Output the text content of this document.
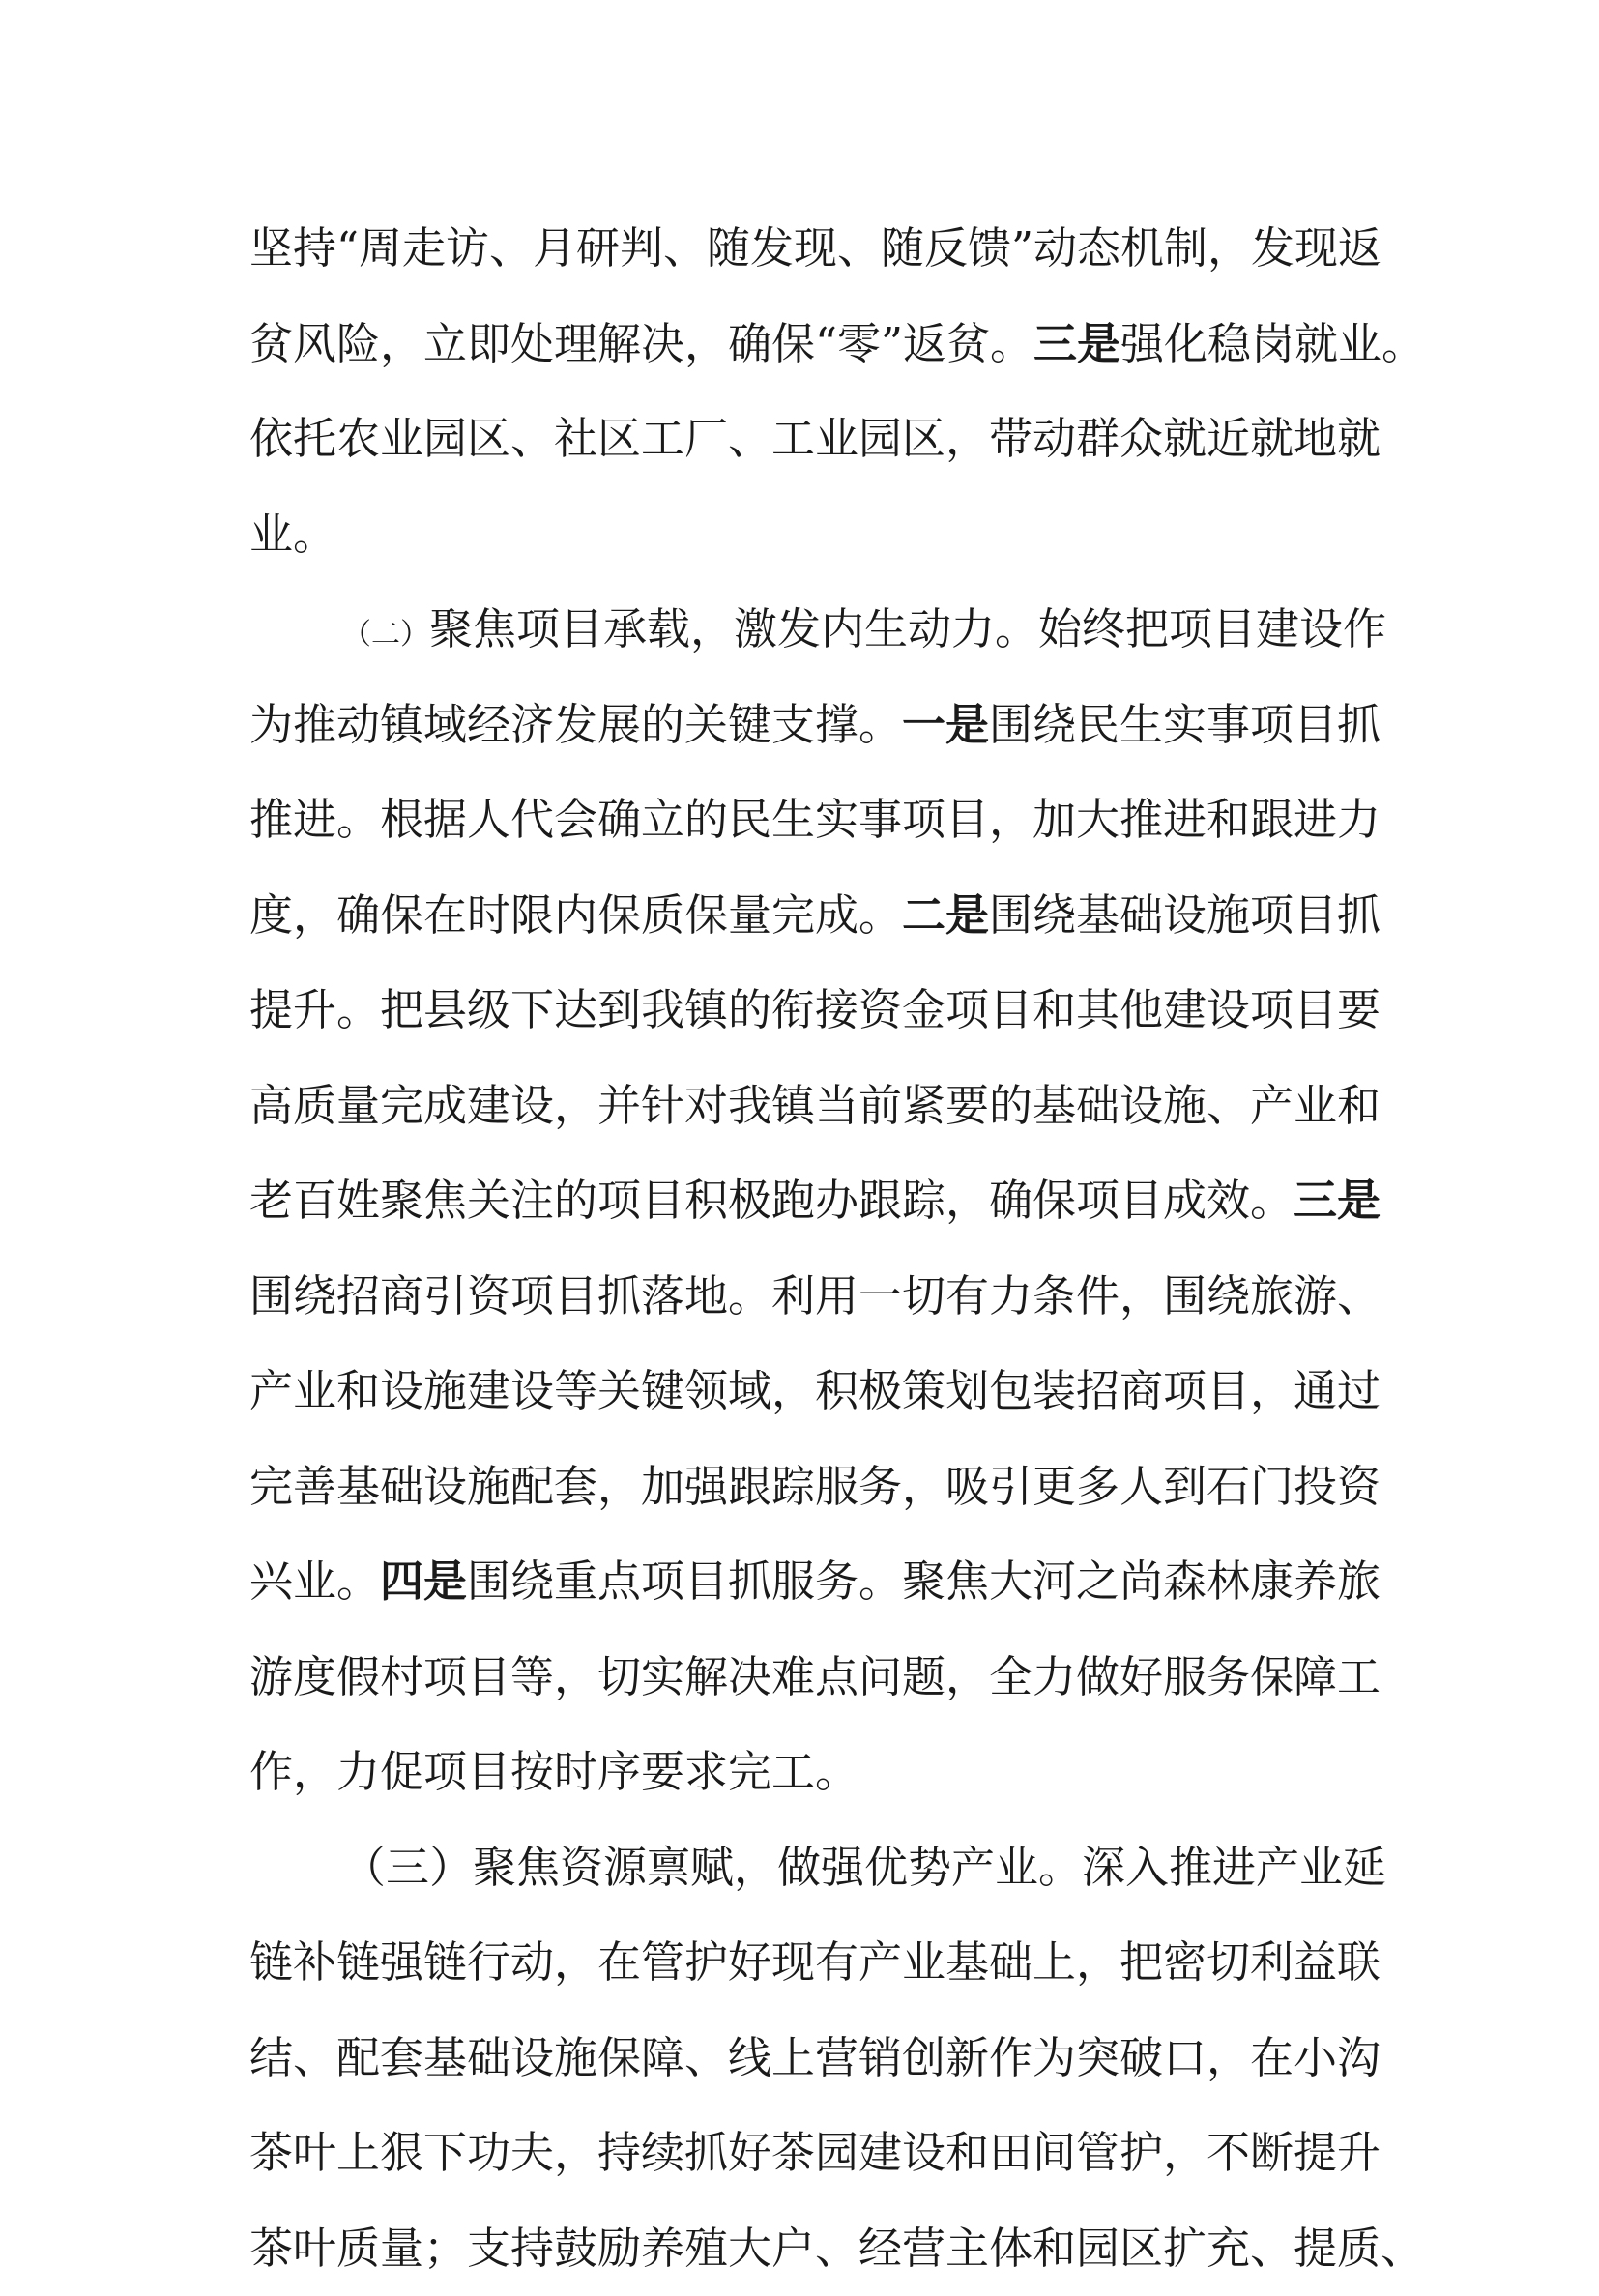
坚持“周走访、月研判、随发现、随反馈”动态机制，发现返
贫风险，立即处理解决，确保“零”返贫。三是强化稳岗就业。
依托农业园区、社区工厂、工业园区，带动群众就近就地就
业。
（二）聚焦项目承载，激发内生动力。始终把项目建设作
为推动镇域经济发展的关键支撑。一是围绕民生实事项目抓
推进。根据人代会确立的民生实事项目，加大推进和跟进力
度，确保在时限内保质保量完成。二是围绕基础设施项目抓
提升。把县级下达到我镇的衔接资金项目和其他建设项目要
高质量完成建设，并针对我镇当前紧要的基础设施、产业和
老百姓聚焦关注的项目积极跑办跟踪，确保项目成效。三是
围绕招商引资项目抓落地。利用一切有力条件，围绕旅游、
产业和设施建设等关键领域，积极策划包装招商项目，通过
完善基础设施配套，加强跟踪服务，吸引更多人到石门投资
兴业。四是围绕重点项目抓服务。聚焦大河之尚森林康养旅
游度假村项目等，切实解决难点问题，全力做好服务保障工
作，力促项目按时序要求完工。
（三）聚焦资源禀赋，做强优势产业。深入推进产业延
链补链强链行动，在管护好现有产业基础上，把密切利益联
结、配套基础设施保障、线上营销创新作为突破口，在小沟
茶叶上狠下功夫，持续抓好茶园建设和田间管护，不断提升
茶叶质量；支持鼓励养殖大户、经营主体和园区扩充、提质、
